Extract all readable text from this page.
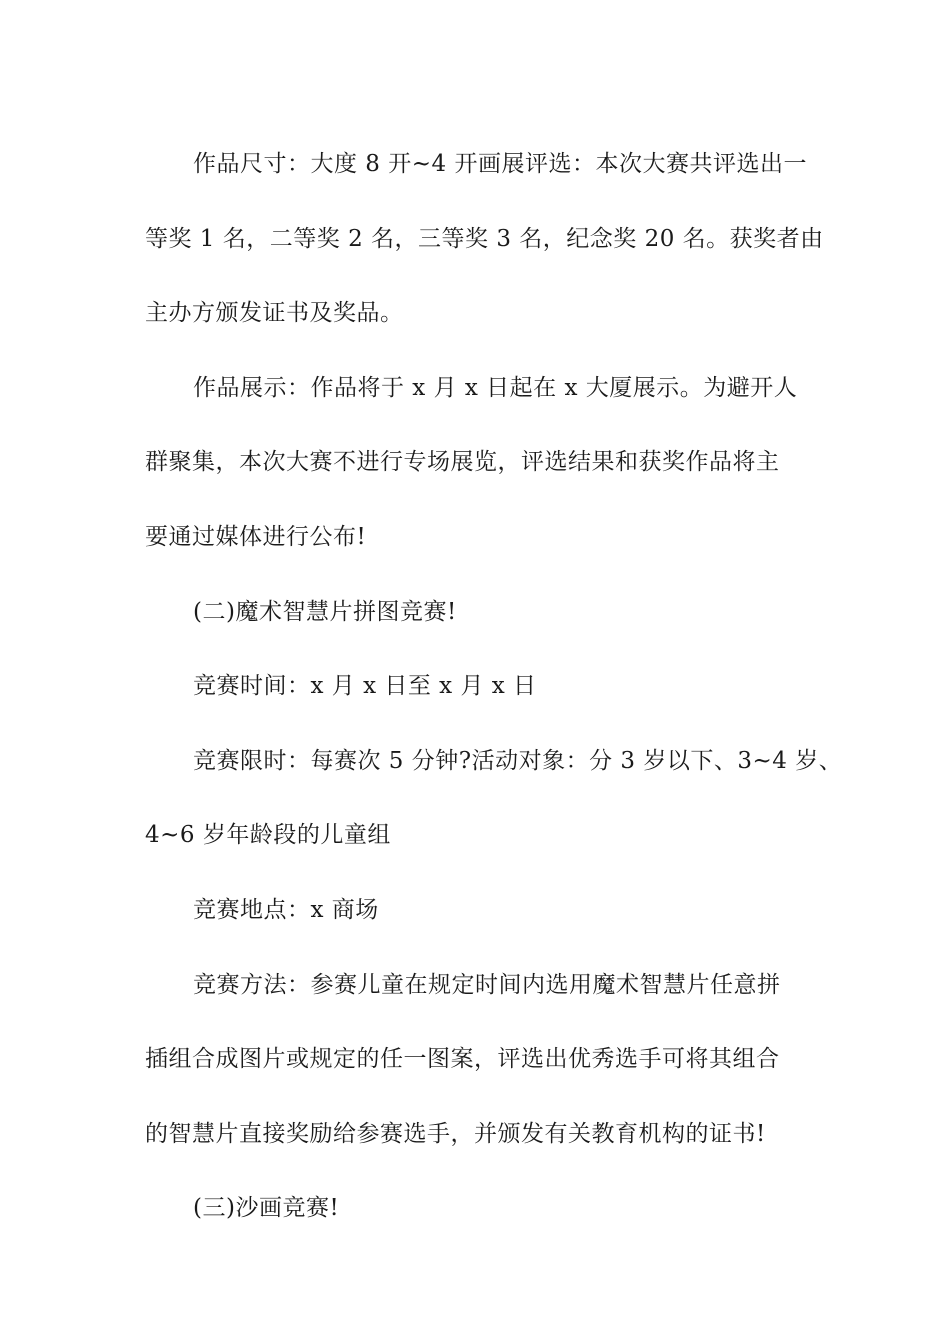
作品尺寸：大度 8 开~4 开画展评选：本次大赛共评选出一
等奖 1 名，二等奖 2 名，三等奖 3 名，纪念奖 20 名。获奖者由
主办方颁发证书及奖品。
作品展示：作品将于 x 月 x 日起在 x 大厦展示。为避开人
群聚集，本次大赛不进行专场展览，评选结果和获奖作品将主
要通过媒体进行公布!
(二)魔术智慧片拼图竞赛!
竞赛时间：x 月 x 日至 x 月 x 日
竞赛限时：每赛次 5 分钟?活动对象：分 3 岁以下、3~4 岁、
4~6 岁年龄段的儿童组
竞赛地点：x 商场
竞赛方法：参赛儿童在规定时间内选用魔术智慧片任意拼
插组合成图片或规定的任一图案，评选出优秀选手可将其组合
的智慧片直接奖励给参赛选手，并颁发有关教育机构的证书!
(三)沙画竞赛!
